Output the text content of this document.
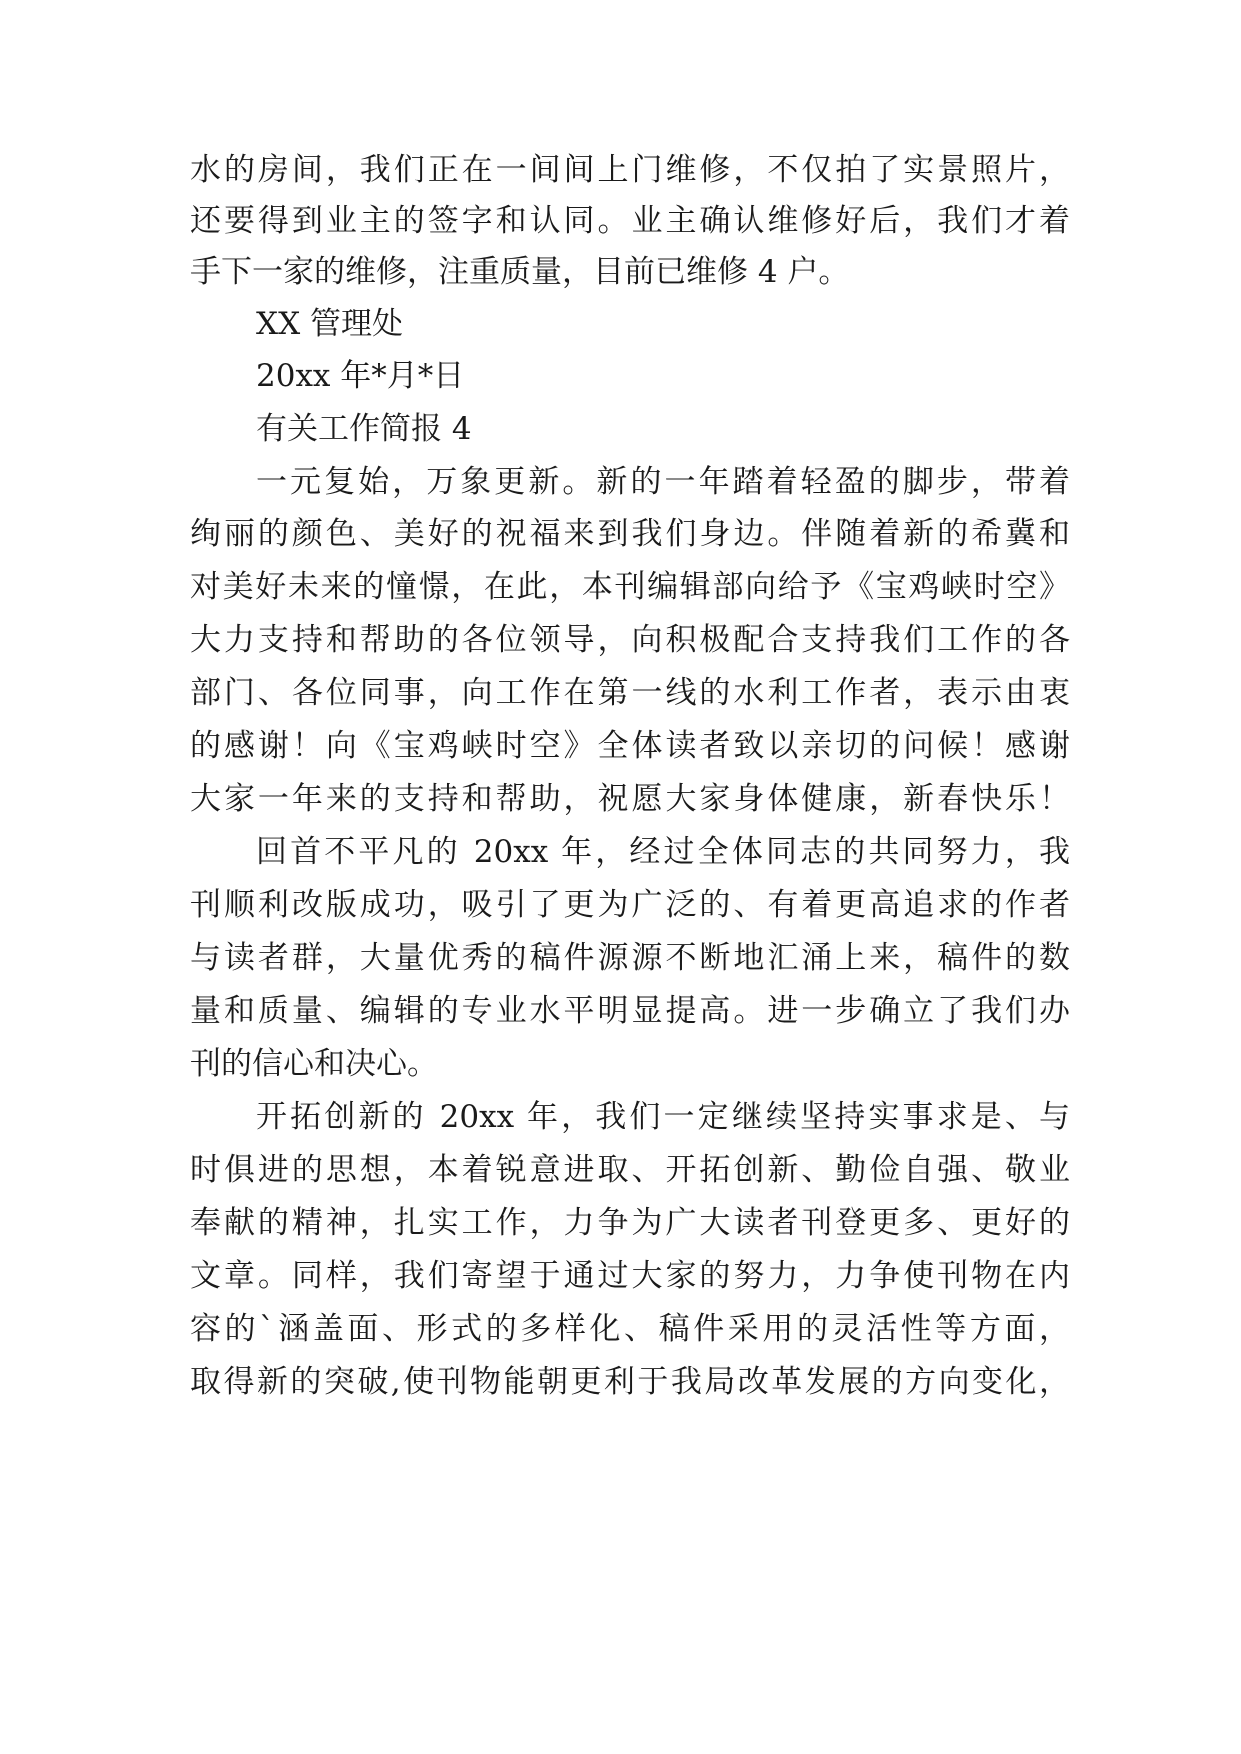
水的房间，我们正在一间间上门维修，不仅拍了实景照片，
还要得到业主的签字和认同。业主确认维修好后，我们才着
手下一家的维修，注重质量，目前已维修 4 户。
XX 管理处
20xx 年*月*日
有关工作简报 4
一元复始，万象更新。新的一年踏着轻盈的脚步，带着
绚丽的颜色、美好的祝福来到我们身边。伴随着新的希冀和
对美好未来的憧憬，在此，本刊编辑部向给予《宝鸡峡时空》
大力支持和帮助的各位领导，向积极配合支持我们工作的各
部门、各位同事，向工作在第一线的水利工作者，表示由衷
的感谢！向《宝鸡峡时空》全体读者致以亲切的问候！感谢
大家一年来的支持和帮助，祝愿大家身体健康，新春快乐！
回首不平凡的 20xx 年，经过全体同志的共同努力，我
刊顺利改版成功，吸引了更为广泛的、有着更高追求的作者
与读者群，大量优秀的稿件源源不断地汇涌上来，稿件的数
量和质量、编辑的专业水平明显提高。进一步确立了我们办
刊的信心和决心。
开拓创新的 20xx 年，我们一定继续坚持实事求是、与
时俱进的思想，本着锐意进取、开拓创新、勤俭自强、敬业
奉献的精神，扎实工作，力争为广大读者刊登更多、更好的
文章。同样，我们寄望于通过大家的努力，力争使刊物在内
容的`涵盖面、形式的多样化、稿件采用的灵活性等方面，
取得新的突破,使刊物能朝更利于我局改革发展的方向变化，
